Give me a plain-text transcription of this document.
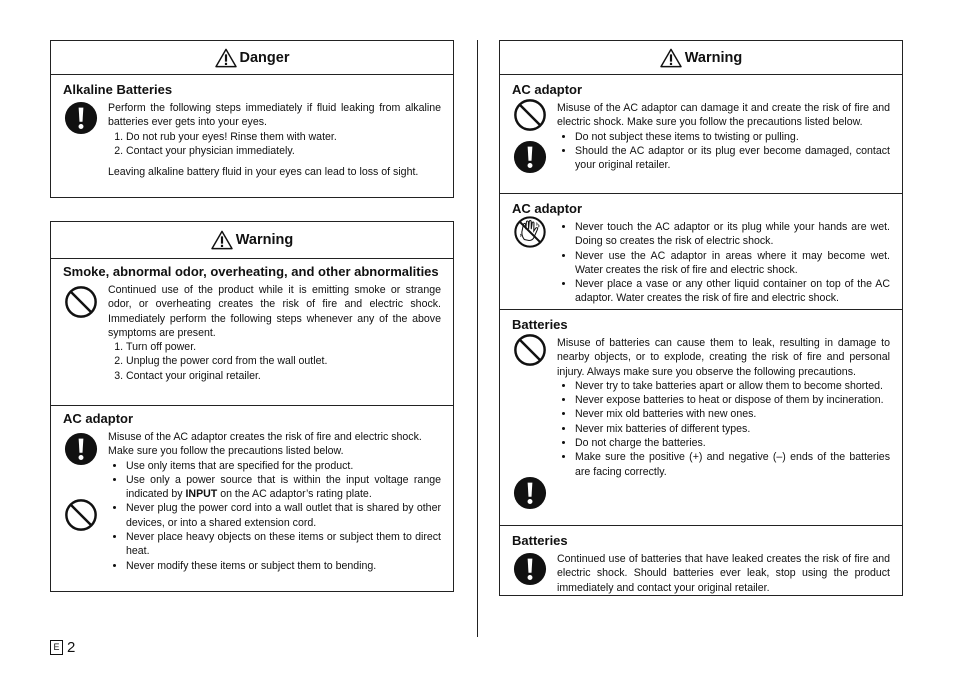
Danger
Alkaline Batteries

Perform the following steps immediately if fluid leaking from alkaline batteries ever gets into your eyes.

1. Do not rub your eyes! Rinse them with water.
2. Contact your physician immediately.

Leaving alkaline battery fluid in your eyes can lead to loss of sight.

Warning
Smoke, abnormal odor, overheating, and other abnormalities

Continued use of the product while it is emitting smoke or strange odor, or overheating creates the risk of fire and electric shock. Immediately perform the following steps whenever any of the above symptoms are present.

1. Turn off power.
2. Unplug the power cord from the wall outlet.
3. Contact your original retailer.
AC adaptor

Misuse of the AC adaptor creates the risk of fire and electric shock.

Make sure you follow the precautions listed below.

• Use only items that are specified for the product.
• Use only a power source that is within the input voltage range indicated by INPUT on the AC adaptor’s rating plate.
• Never plug the power cord into a wall outlet that is shared by other devices, or into a shared extension cord.
• Never place heavy objects on these items or subject them to direct heat.
• Never modify these items or subject them to bending.
Warning
AC adaptor

Misuse of the AC adaptor can damage it and create the risk of fire and electric shock. Make sure you follow the precautions listed below.

• Do not subject these items to twisting or pulling.
• Should the AC adaptor or its plug ever become damaged, contact your original retailer.
AC adaptor
• Never touch the AC adaptor or its plug while your hands are wet. Doing so creates the risk of electric shock.
• Never use the AC adaptor in areas where it may become wet. Water creates the risk of fire and electric shock.
• Never place a vase or any other liquid container on top of the AC adaptor. Water creates the risk of fire and electric shock.
Batteries

Misuse of batteries can cause them to leak, resulting in damage to nearby objects, or to explode, creating the risk of fire and personal injury. Always make sure you observe the following precautions.

• Never try to take batteries apart or allow them to become shorted.
• Never expose batteries to heat or dispose of them by incineration.
• Never mix old batteries with new ones.
• Never mix batteries of different types.
• Do not charge the batteries.
• Make sure the positive (+) and negative (–) ends of the batteries are facing correctly.
Batteries

Continued use of batteries that have leaked creates the risk of fire and electric shock. Should batteries ever leak, stop using the product immediately and contact your original retailer.

E 2
